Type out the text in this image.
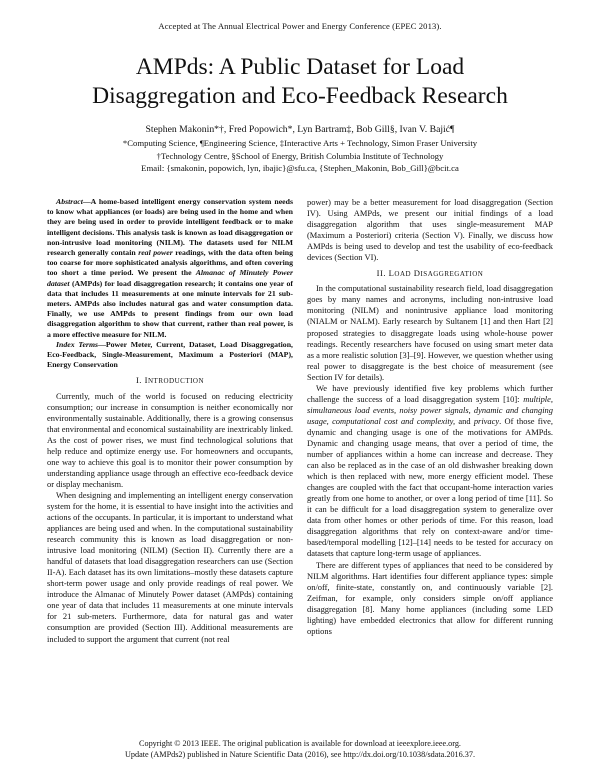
Accepted at The Annual Electrical Power and Energy Conference (EPEC 2013).
AMPds: A Public Dataset for Load
Disaggregation and Eco-Feedback Research
Stephen Makonin*†, Fred Popowich*, Lyn Bartram‡, Bob Gill§, Ivan V. Bajić¶
*Computing Science, ¶Engineering Science, ‡Interactive Arts + Technology, Simon Fraser University
†Technology Centre, §School of Energy, British Columbia Institute of Technology
Email: {smakonin, popowich, lyn, ibajic}@sfu.ca, {Stephen_Makonin, Bob_Gill}@bcit.ca

Abstract—A home-based intelligent energy conservation system needs to know what appliances (or loads) are being used in the home and when they are being used in order to provide intelligent feedback or to make intelligent decisions. This analysis task is known as load disaggregation or non-intrusive load monitoring (NILM). The datasets used for NILM research generally contain real power readings, with the data often being too coarse for more sophisticated analysis algorithms, and often covering too short a time period. We present the Almanac of Minutely Power dataset (AMPds) for load disaggregation research; it contains one year of data that includes 11 measurements at one minute intervals for 21 sub-meters. AMPds also includes natural gas and water consumption data. Finally, we use AMPds to present findings from our own load disaggregation algorithm to show that current, rather than real power, is a more effective measure for NILM.

Index Terms—Power Meter, Current, Dataset, Load Disaggregation, Eco-Feedback, Single-Measurement, Maximum a Posteriori (MAP), Energy Conservation

I. INTRODUCTION

Currently, much of the world is focused on reducing electricity consumption; our increase in consumption is neither economically nor environmentally sustainable. Additionally, there is a growing consensus that environmental and economical sustainability are inextricably linked. As the cost of power rises, we must find technological solutions that help reduce and optimize energy use. For homeowners and occupants, one way to achieve this goal is to monitor their power consumption by understanding appliance usage through an effective eco-feedback device or display mechanism.

When designing and implementing an intelligent energy conservation system for the home, it is essential to have insight into the activities and actions of the occupants. In particular, it is important to understand what appliances are being used and when. In the computational sustainability research community this is known as load disaggregation or non-intrusive load monitoring (NILM) (Section II). Currently there are a handful of datasets that load disaggregation researchers can use (Section II-A). Each dataset has its own limitations–mostly these datasets capture short-term power usage and only provide readings of real power. We introduce the Almanac of Minutely Power dataset (AMPds) containing one year of data that includes 11 measurements at one minute intervals for 21 sub-meters. Furthermore, data for natural gas and water consumption are provided (Section III). Additional measurements are included to support the argument that current (not real

power) may be a better measurement for load disaggregation (Section IV). Using AMPds, we present our initial findings of a load disaggregation algorithm that uses single-measurement MAP (Maximum a Posteriori) criteria (Section V). Finally, we discuss how AMPds is being used to develop and test the usability of eco-feedback devices (Section VI).

II. LOAD DISAGGREGATION

In the computational sustainability research field, load disaggregation goes by many names and acronyms, including non-intrusive load monitoring (NILM) and nonintrusive appliance load monitoring (NIALM or NALM). Early research by Sultanem [1] and then Hart [2] proposed strategies to disaggregate loads using whole-house power readings. Recently researchers have focused on using smart meter data as a more realistic solution [3]–[9]. However, we question whether using real power to disaggregate is the best choice of measurement (see Section IV for details).

We have previously identified five key problems which further challenge the success of a load disaggregation system [10]: multiple, simultaneous load events, noisy power signals, dynamic and changing usage, computational cost and complexity, and privacy. Of those five, dynamic and changing usage is one of the motivations for AMPds. Dynamic and changing usage means, that over a period of time, the number of appliances within a home can increase and decrease. They can also be replaced as in the case of an old dishwasher breaking down which is then replaced with new, more energy efficient model. These changes are coupled with the fact that occupant-home interaction varies greatly from one home to another, or over a long period of time [11]. So it can be difficult for a load disaggregation system to generalize over data from other homes or other periods of time. For this reason, load disaggregation algorithms that rely on context-aware and/or time-based/temporal modelling [12]–[14] needs to be tested for accuracy on datasets that capture long-term usage of appliances.

There are different types of appliances that need to be considered by NILM algorithms. Hart identifies four different appliance types: simple on/off, finite-state, constantly on, and continuously variable [2]. Zeifman, for example, only considers simple on/off appliance disaggregation [8]. Many home appliances (including some LED lighting) have embedded electronics that allow for different running options

Copyright © 2013 IEEE. The original publication is available for download at ieeexplore.ieee.org.
Update (AMPds2) published in Nature Scientific Data (2016), see http://dx.doi.org/10.1038/sdata.2016.37.
